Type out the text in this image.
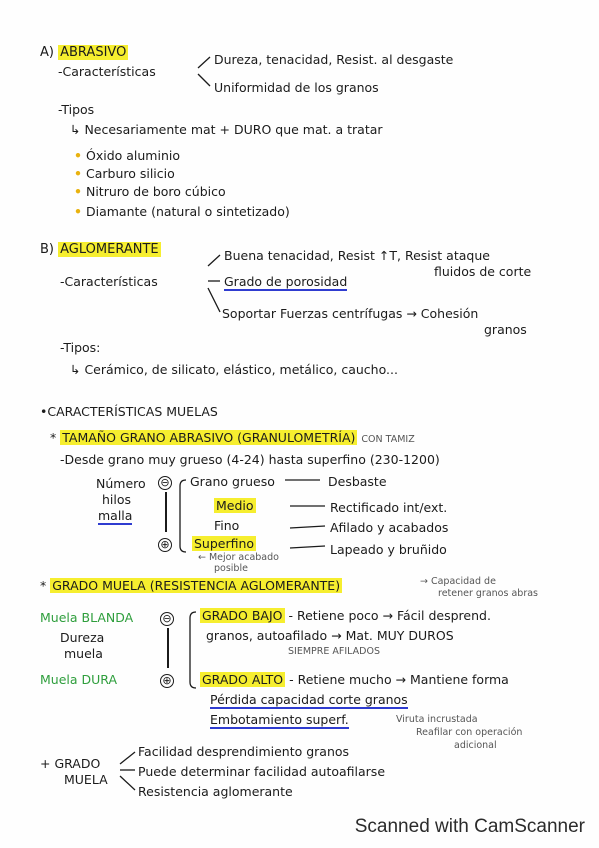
A) ABRASIVO
-Características
Dureza, tenacidad, Resist. al desgaste
Uniformidad de los granos
-Tipos
↳ Necesariamente mat + DURO que mat. a tratar
• Óxido aluminio
• Carburo silicio
• Nitruro de boro cúbico
• Diamante (natural o sintetizado)
B) AGLOMERANTE
-Características
Buena tenacidad, Resist ↑T, Resist ataque
fluidos de corte
Grado de porosidad
Soportar Fuerzas centrífugas → Cohesión
granos
-Tipos:
↳ Cerámico, de silicato, elástico, metálico, caucho...
•CARACTERÍSTICAS MUELAS
* TAMAÑO GRANO ABRASIVO (GRANULOMETRÍA) CON TAMIZ
-Desde grano muy grueso (4-24) hasta superfino (230-1200)
Número
hilos
malla
⊖
⊕
Grano grueso
Medio
Fino
Superfino
← Mejor acabado
posible
Desbaste
Rectificado int/ext.
Afilado y acabados
Lapeado y bruñido
* GRADO MUELA (RESISTENCIA AGLOMERANTE)	→ Capacidad de
retener granos abras
Muela BLANDA	⊖
Dureza
muela
Muela DURA	⊕
GRADO BAJO - Retiene poco → Fácil desprend.
granos, autoafilado → Mat. MUY DUROS
SIEMPRE AFILADOS
GRADO ALTO - Retiene mucho → Mantiene forma
Pérdida capacidad corte granos
Embotamiento superf.	Viruta incrustada
Reafilar con operación
adicional
+ GRADO
MUELA
Facilidad desprendimiento granos
Puede determinar facilidad autoafilarse
Resistencia aglomerante
Scanned with CamScanner
